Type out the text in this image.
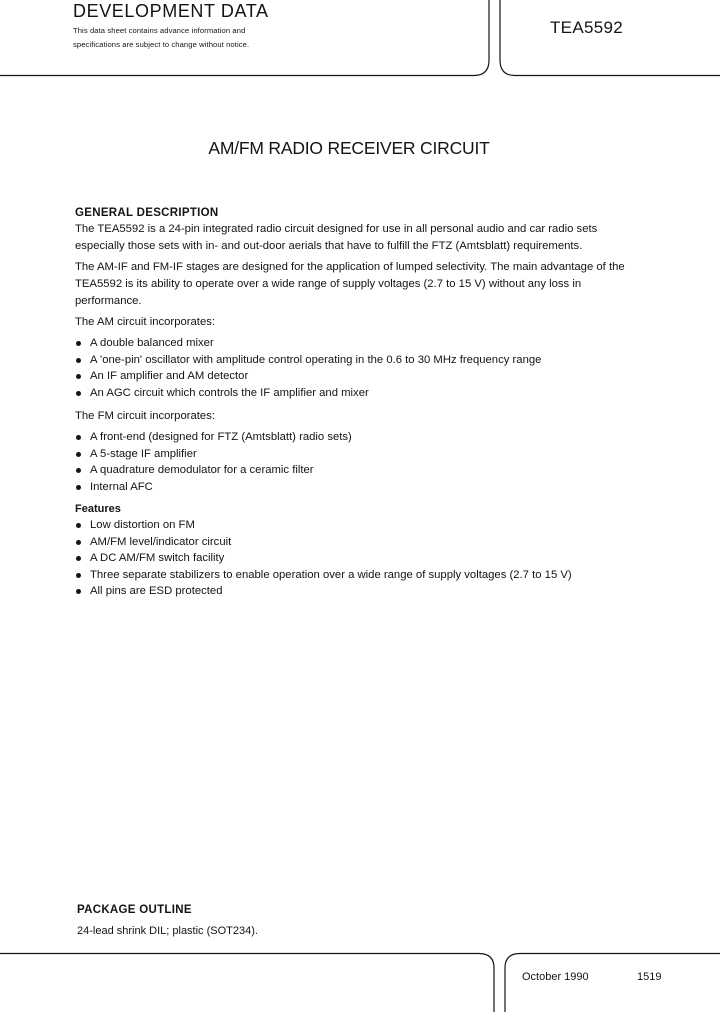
DEVELOPMENT DATA
This data sheet contains advance information and
specifications are subject to change without notice.
TEA5592
AM/FM RADIO RECEIVER CIRCUIT
GENERAL DESCRIPTION

The TEA5592 is a 24-pin integrated radio circuit designed for use in all personal audio and car radio sets especially those sets with in- and out-door aerials that have to fulfill the FTZ (Amtsblatt) requirements.

The AM-IF and FM-IF stages are designed for the application of lumped selectivity. The main advantage of the TEA5592 is its ability to operate over a wide range of supply voltages (2.7 to 15 V) without any loss in performance.

The AM circuit incorporates:

A double balanced mixer
A 'one-pin' oscillator with amplitude control operating in the 0.6 to 30 MHz frequency range
An IF amplifier and AM detector
An AGC circuit which controls the IF amplifier and mixer

The FM circuit incorporates:

A front-end (designed for FTZ (Amtsblatt) radio sets)
A 5-stage IF amplifier
A quadrature demodulator for a ceramic filter
Internal AFC
Features
Low distortion on FM
AM/FM level/indicator circuit
A DC AM/FM switch facility
Three separate stabilizers to enable operation over a wide range of supply voltages (2.7 to 15 V)
All pins are ESD protected
PACKAGE OUTLINE
24-lead shrink DIL; plastic (SOT234).
October 1990	1519
